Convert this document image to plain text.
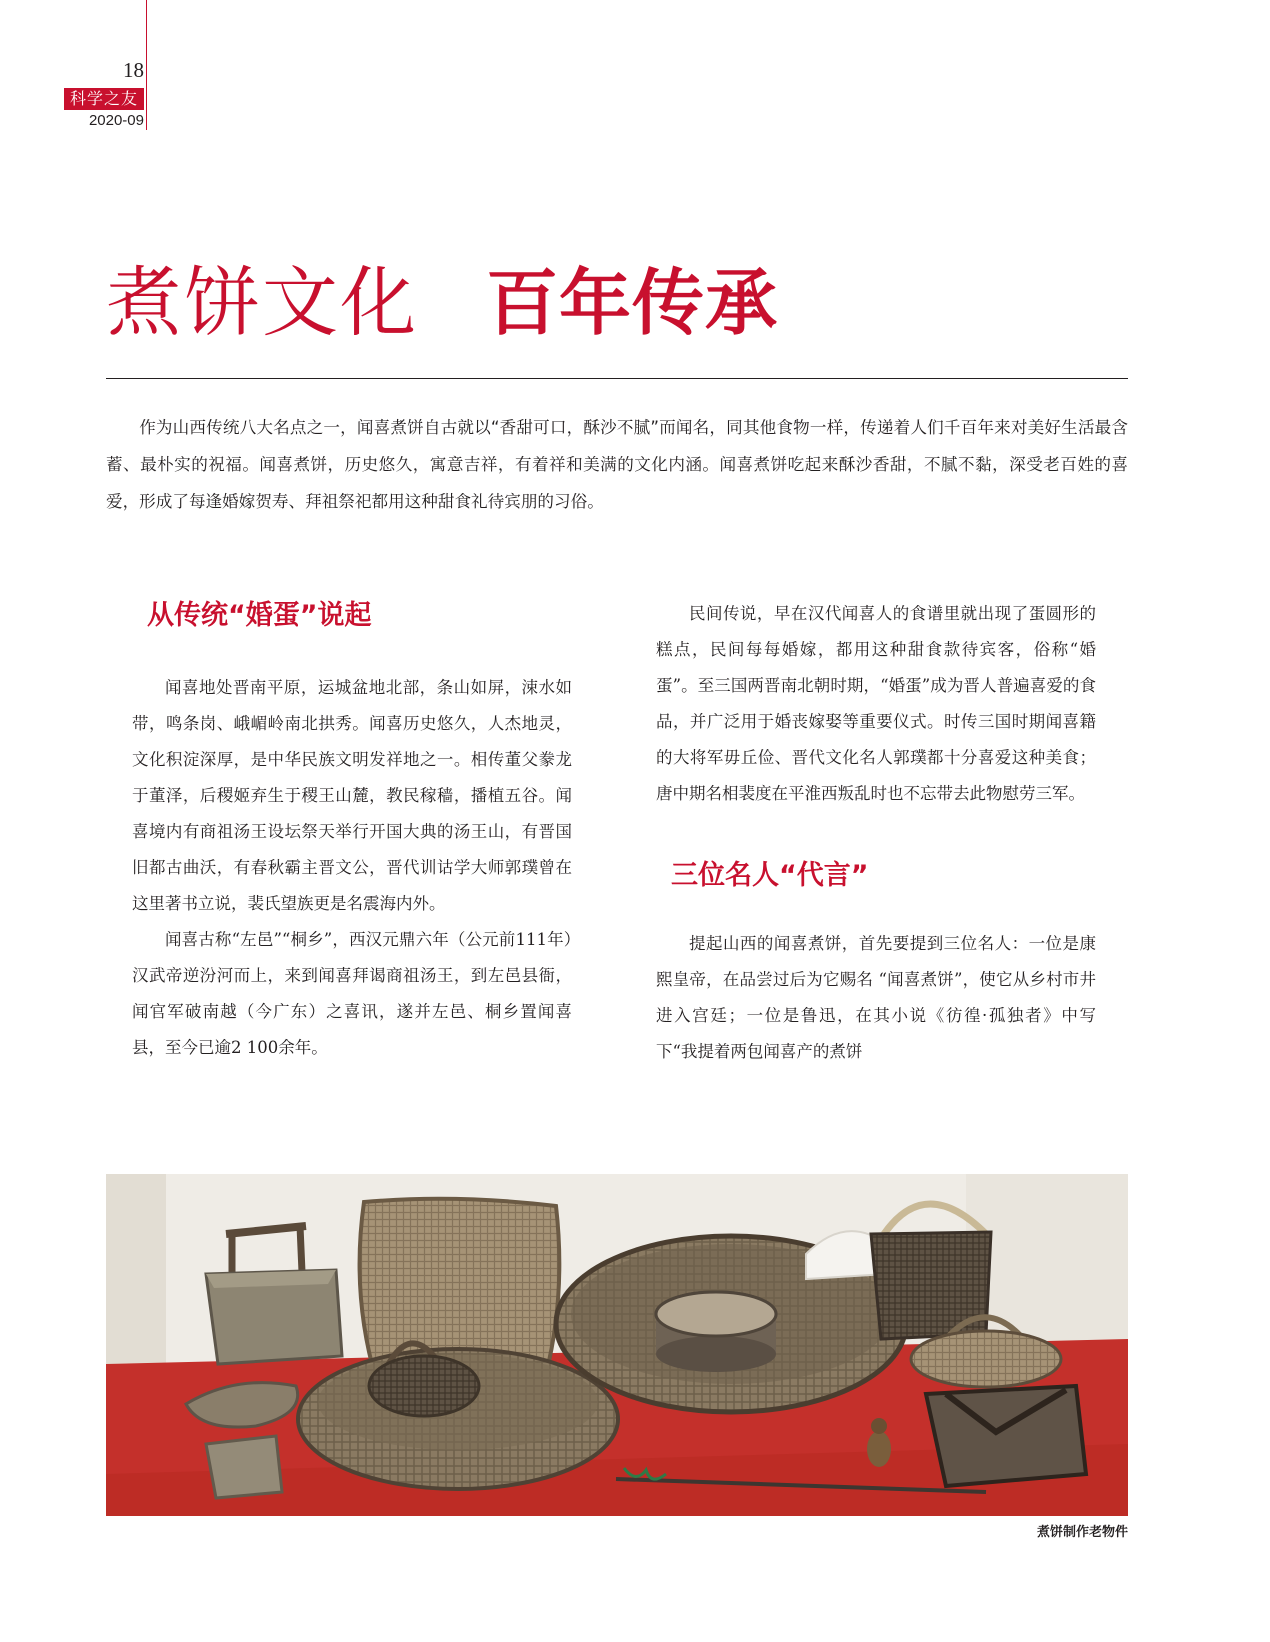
18
科学之友
2020-09
煮饼文化 百年传承

作为山西传统八大名点之一，闻喜煮饼自古就以“香甜可口，酥沙不腻”而闻名，同其他食物一样，传递着人们千百年来对美好生活最含蓄、最朴实的祝福。闻喜煮饼，历史悠久，寓意吉祥，有着祥和美满的文化内涵。闻喜煮饼吃起来酥沙香甜，不腻不黏，深受老百姓的喜爱，形成了每逢婚嫁贺寿、拜祖祭祀都用这种甜食礼待宾朋的习俗。

从传统“婚蛋”说起

闻喜地处晋南平原，运城盆地北部，条山如屏，涑水如带，鸣条岗、峨嵋岭南北拱秀。闻喜历史悠久，人杰地灵，文化积淀深厚，是中华民族文明发祥地之一。相传董父豢龙于董泽，后稷姬弃生于稷王山麓，教民稼穑，播植五谷。闻喜境内有商祖汤王设坛祭天举行开国大典的汤王山，有晋国旧都古曲沃，有春秋霸主晋文公，晋代训诂学大师郭璞曾在这里著书立说，裴氏望族更是名震海内外。

闻喜古称“左邑”“桐乡”，西汉元鼎六年（公元前111年）汉武帝逆汾河而上，来到闻喜拜谒商祖汤王，到左邑县衙，闻官军破南越（今广东）之喜讯，遂并左邑、桐乡置闻喜县，至今已逾2 100余年。

民间传说，早在汉代闻喜人的食谱里就出现了蛋圆形的糕点，民间每每婚嫁，都用这种甜食款待宾客，俗称“婚蛋”。至三国两晋南北朝时期，“婚蛋”成为晋人普遍喜爱的食品，并广泛用于婚丧嫁娶等重要仪式。时传三国时期闻喜籍的大将军毋丘俭、晋代文化名人郭璞都十分喜爱这种美食；唐中期名相裴度在平淮西叛乱时也不忘带去此物慰劳三军。

三位名人“代言”

提起山西的闻喜煮饼，首先要提到三位名人：一位是康熙皇帝，在品尝过后为它赐名 “闻喜煮饼”，使它从乡村市井进入宫廷；一位是鲁迅，在其小说《彷徨·孤独者》中写下“我提着两包闻喜产的煮饼

煮饼制作老物件
